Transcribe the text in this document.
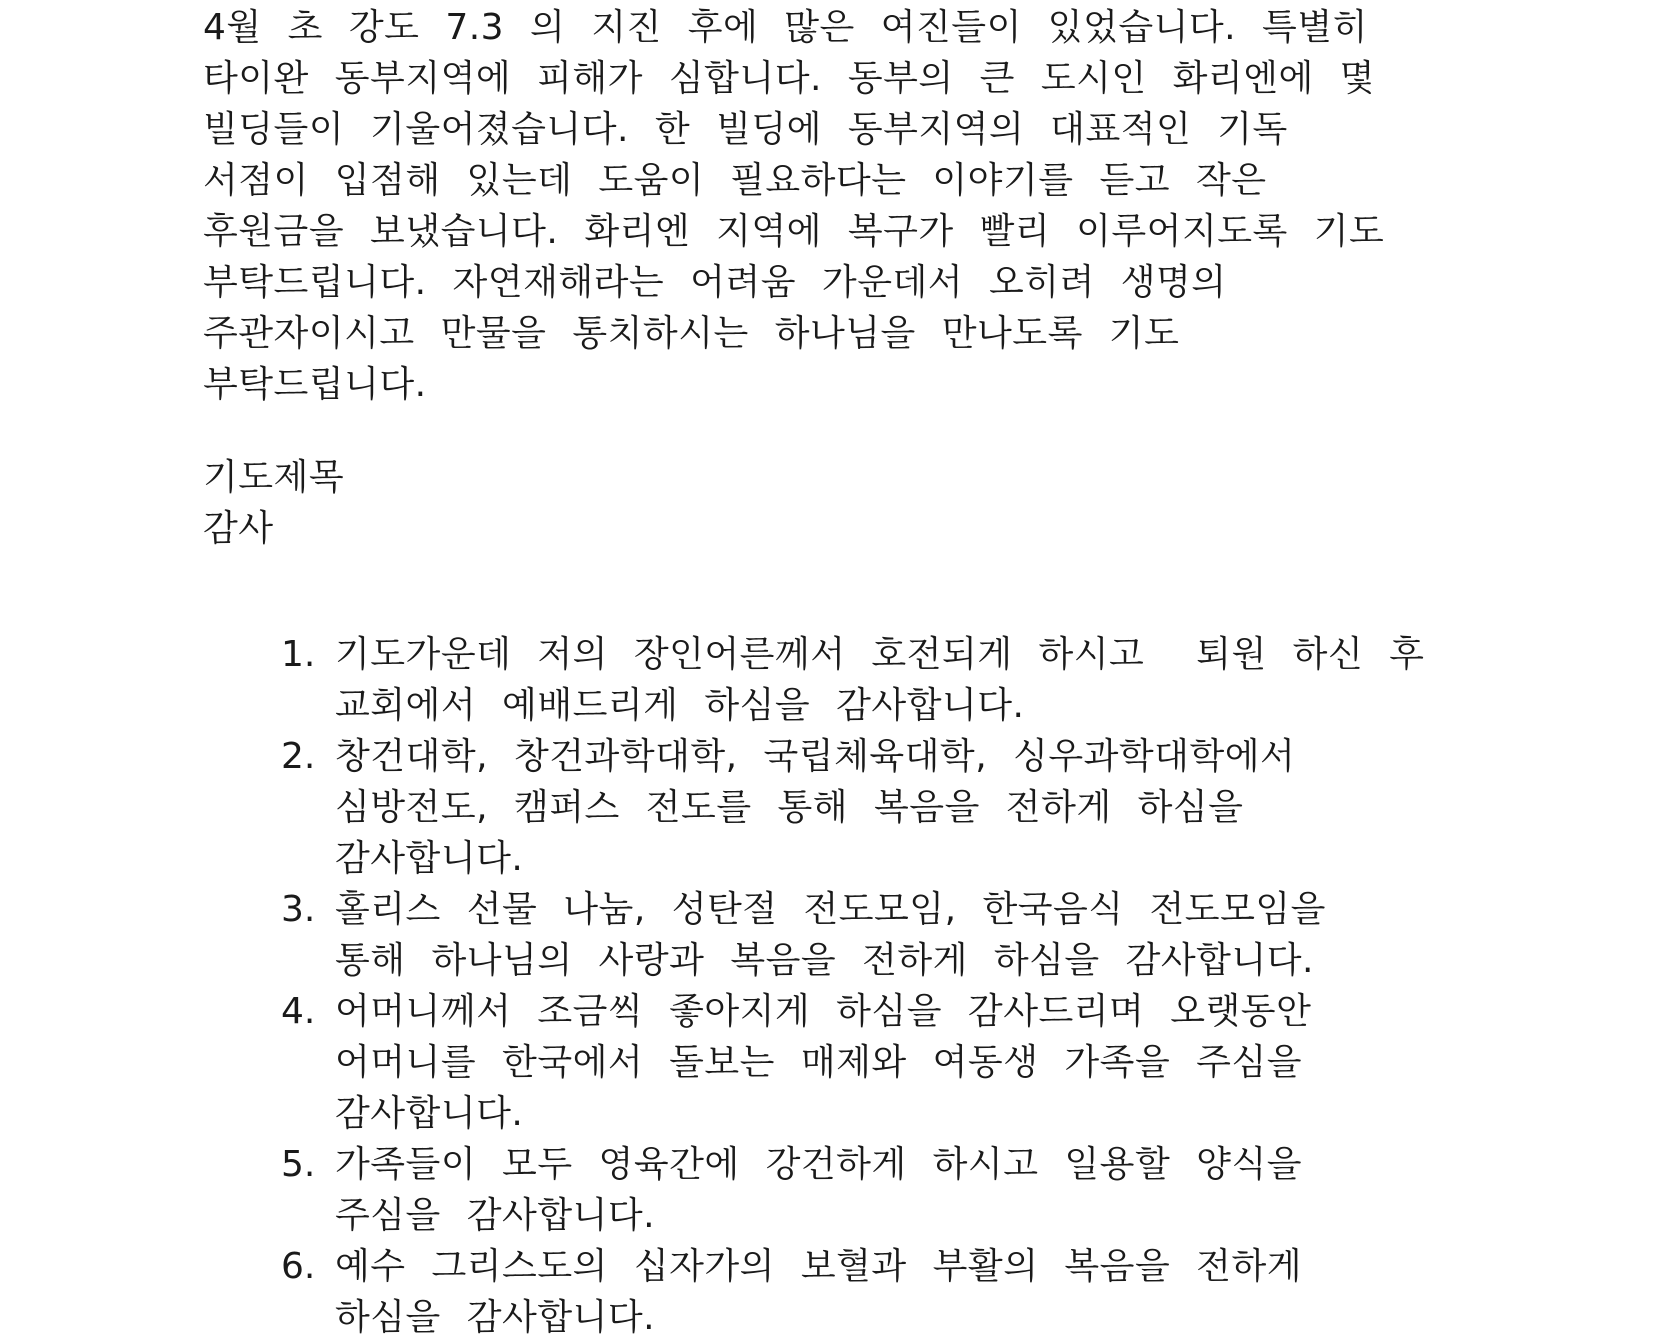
4월 초 강도 7.3 의 지진 후에 많은 여진들이 있었습니다. 특별히
타이완 동부지역에 피해가 심합니다. 동부의 큰 도시인 화리엔에 몇
빌딩들이 기울어졌습니다. 한 빌딩에 동부지역의 대표적인 기독
서점이 입점해 있는데 도움이 필요하다는 이야기를 듣고 작은
후원금을 보냈습니다. 화리엔 지역에 복구가 빨리 이루어지도록 기도
부탁드립니다. 자연재해라는 어려움 가운데서 오히려 생명의
주관자이시고 만물을 통치하시는 하나님을 만나도록 기도
부탁드립니다.
기도제목
감사
1. 기도가운데 저의 장인어른께서 호전되게 하시고  퇴원 하신 후
교회에서 예배드리게 하심을 감사합니다.
2. 창건대학, 창건과학대학, 국립체육대학, 싱우과학대학에서
심방전도, 캠퍼스 전도를 통해 복음을 전하게 하심을
감사합니다.
3. 홀리스 선물 나눔, 성탄절 전도모임, 한국음식 전도모임을
통해 하나님의 사랑과 복음을 전하게 하심을 감사합니다.
4. 어머니께서 조금씩 좋아지게 하심을 감사드리며 오랫동안
어머니를 한국에서 돌보는 매제와 여동생 가족을 주심을
감사합니다.
5. 가족들이 모두 영육간에 강건하게 하시고 일용할 양식을
주심을 감사합니다.
6. 예수 그리스도의 십자가의 보혈과 부활의 복음을 전하게
하심을 감사합니다.
